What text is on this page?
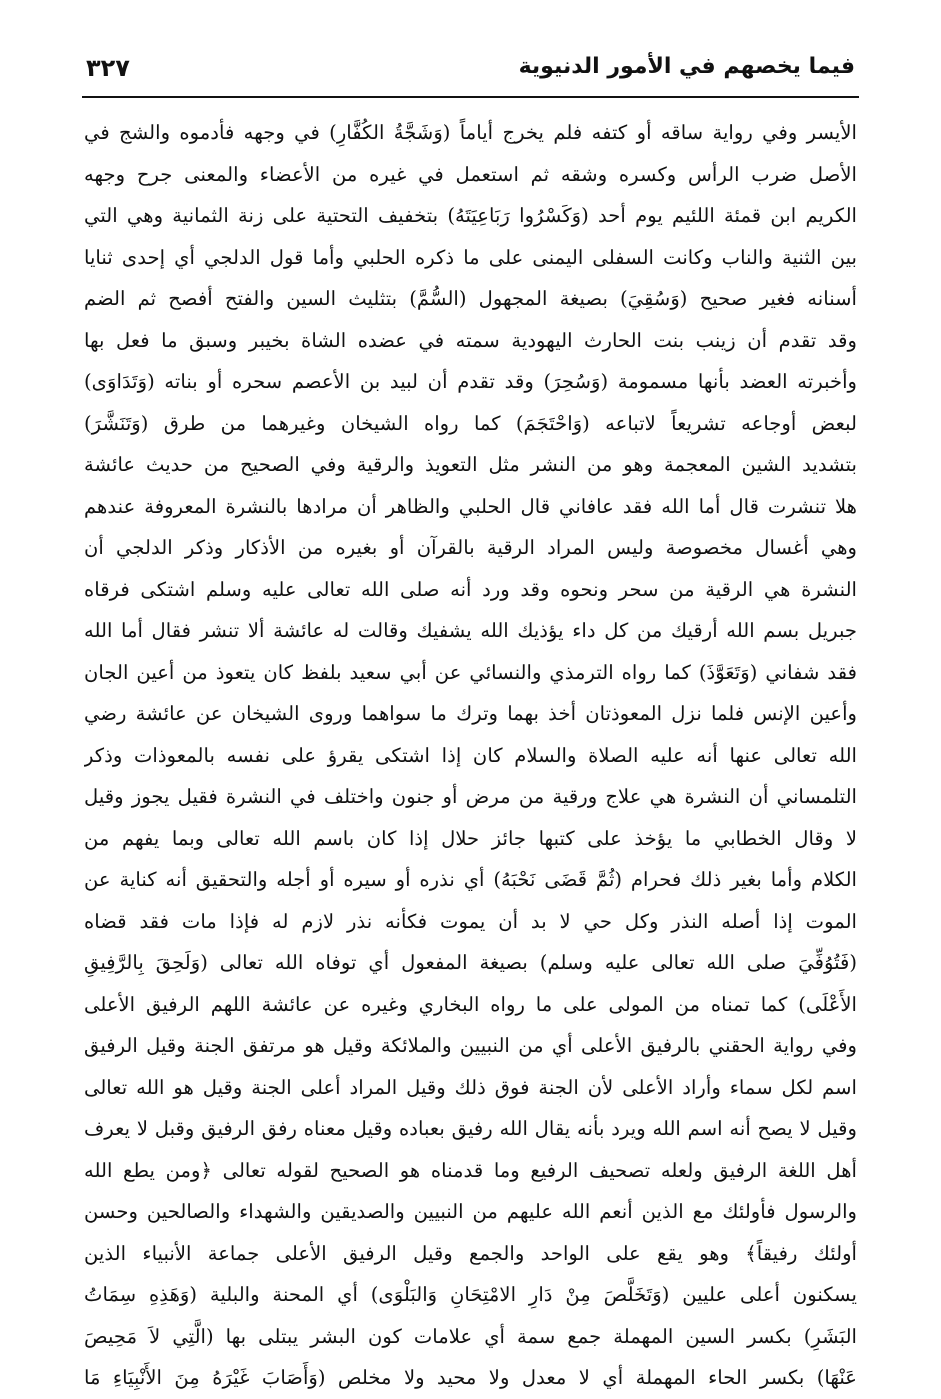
فيما يخصهم في الأمور الدنيوية
٣٢٧
الأيسر وفي رواية ساقه أو كتفه فلم يخرج أياماً (وَشَجَّةُ الكُفَّارِ) في وجهه فأدموه والشج في
الأصل ضرب الرأس وكسره وشقه ثم استعمل في غيره من الأعضاء والمعنى جرح وجهه
الكريم ابن قمئة اللئيم يوم أحد (وَكَسْرُوا رَبَاعِيَتَهُ) بتخفيف التحتية على زنة الثمانية وهي التي
بين الثنية والناب وكانت السفلى اليمنى على ما ذكره الحلبي وأما قول الدلجي أي إحدى ثنايا
أسنانه فغير صحيح (وَسُقِيَ) بصيغة المجهول (السُّمَّ) بتثليث السين والفتح أفصح ثم الضم
وقد تقدم أن زينب بنت الحارث اليهودية سمته في عضده الشاة بخيبر وسبق ما فعل بها
وأخبرته العضد بأنها مسمومة (وَسُحِرَ) وقد تقدم أن لبيد بن الأعصم سحره أو بناته (وَتَدَاوَى)
لبعض أوجاعه تشريعاً لاتباعه (وَاحْتَجَمَ) كما رواه الشيخان وغيرهما من طرق (وَتَنَشَّرَ)
بتشديد الشين المعجمة وهو من النشر مثل التعويذ والرقية وفي الصحيح من حديث عائشة
هلا تنشرت قال أما الله فقد عافاني قال الحلبي والظاهر أن مرادها بالنشرة المعروفة عندهم
وهي أغسال مخصوصة وليس المراد الرقية بالقرآن أو بغيره من الأذكار وذكر الدلجي أن
النشرة هي الرقية من سحر ونحوه وقد ورد أنه صلى الله تعالى عليه وسلم اشتكى فرقاه
جبريل بسم الله أرقيك من كل داء يؤذيك الله يشفيك وقالت له عائشة ألا تنشر فقال أما الله
فقد شفاني (وَتَعَوَّذَ) كما رواه الترمذي والنسائي عن أبي سعيد بلفظ كان يتعوذ من أعين الجان
وأعين الإنس فلما نزل المعوذتان أخذ بهما وترك ما سواهما وروى الشيخان عن عائشة رضي
الله تعالى عنها أنه عليه الصلاة والسلام كان إذا اشتكى يقرؤ على نفسه بالمعوذات وذكر
التلمساني أن النشرة هي علاج ورقية من مرض أو جنون واختلف في النشرة فقيل يجوز وقيل
لا وقال الخطابي ما يؤخذ على كتبها جائز حلال إذا كان باسم الله تعالى وبما يفهم من
الكلام وأما بغير ذلك فحرام (ثُمَّ قَضَى نَحْبَهُ) أي نذره أو سيره أو أجله والتحقيق أنه كناية عن
الموت إذا أصله النذر وكل حي لا بد أن يموت فكأنه نذر لازم له فإذا مات فقد قضاه
(فَتُوُفِّيَ صلى الله تعالى عليه وسلم) بصيغة المفعول أي توفاه الله تعالى (وَلَحِقَ بِالرَّفِيقِ
الأَعْلَى) كما تمناه من المولى على ما رواه البخاري وغيره عن عائشة اللهم الرفيق الأعلى
وفي رواية الحقني بالرفيق الأعلى أي من النبيين والملائكة وقيل هو مرتفق الجنة وقيل الرفيق
اسم لكل سماء وأراد الأعلى لأن الجنة فوق ذلك وقيل المراد أعلى الجنة وقيل هو الله تعالى
وقيل لا يصح أنه اسم الله ويرد بأنه يقال الله رفيق بعباده وقيل معناه رفق الرفيق وقبل لا يعرف
أهل اللغة الرفيق ولعله تصحيف الرفيع وما قدمناه هو الصحيح لقوله تعالى ﴿ومن يطع الله
والرسول فأولئك مع الذين أنعم الله عليهم من النبيين والصديقين والشهداء والصالحين وحسن
أولئك رفيقاً﴾ وهو يقع على الواحد والجمع وقيل الرفيق الأعلى جماعة الأنبياء الذين
يسكنون أعلى عليين (وَتَخَلَّصَ مِنْ دَارِ الامْتِحَانِ وَالبَلْوَى) أي المحنة والبلية (وَهَذِهِ سِمَاتُ
البَشَرِ) بكسر السين المهملة جمع سمة أي علامات كون البشر يبتلى بها (الَّتِي لاَ مَحِيصَ
عَنْهَا) بكسر الحاء المهملة أي لا معدل ولا محيد ولا مخلص (وَأَصَابَ غَيْرَهُ مِنَ الأَنْبِيَاءِ مَا
